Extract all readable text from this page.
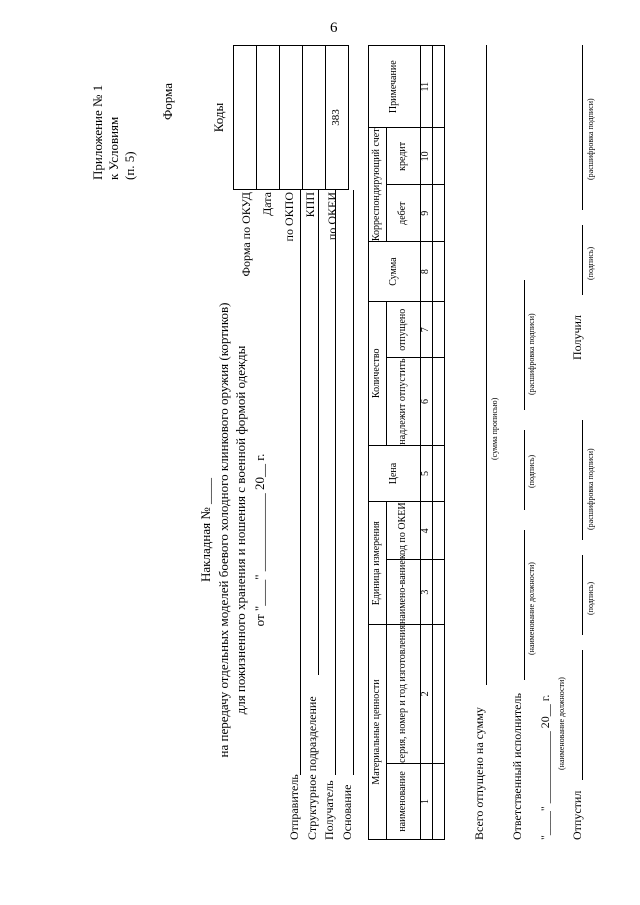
6
Приложение № 1 к Условиям (п. 5)
Форма
Накладная № ____ на передачу отдельных моделей боевого холодного клинкового оружия (кортиков) для пожизненного хранения и ношения с военной формой одежды от "____" ____________ 20__ г.
Форма по ОКУД Дата по ОКПО КПП по ОКЕИ
Коды

383
Отправитель Структурное подразделение Получатель Основание
Материальные ценности		Единица измерения		Цена	Количество		Сумма	Корреспондирующий счет		Примечание
наименование	серия, номер и год изготовления	наимено-вание	код по ОКЕИ		надлежит отпустить	отпущено		дебет	кредит	
1	2	3	4	5	6	7	8	9	10	11

Всего отпущено на сумму
(сумма прописью)
Ответственный исполнитель
(наименование должности)
(подпись)
(расшифровка подписи)
"____" ____________ 20__ г. Отпустил
(наименование должности)
(подпись)
(расшифровка подписи)
Получил
(подпись)
(расшифровка подписи)
